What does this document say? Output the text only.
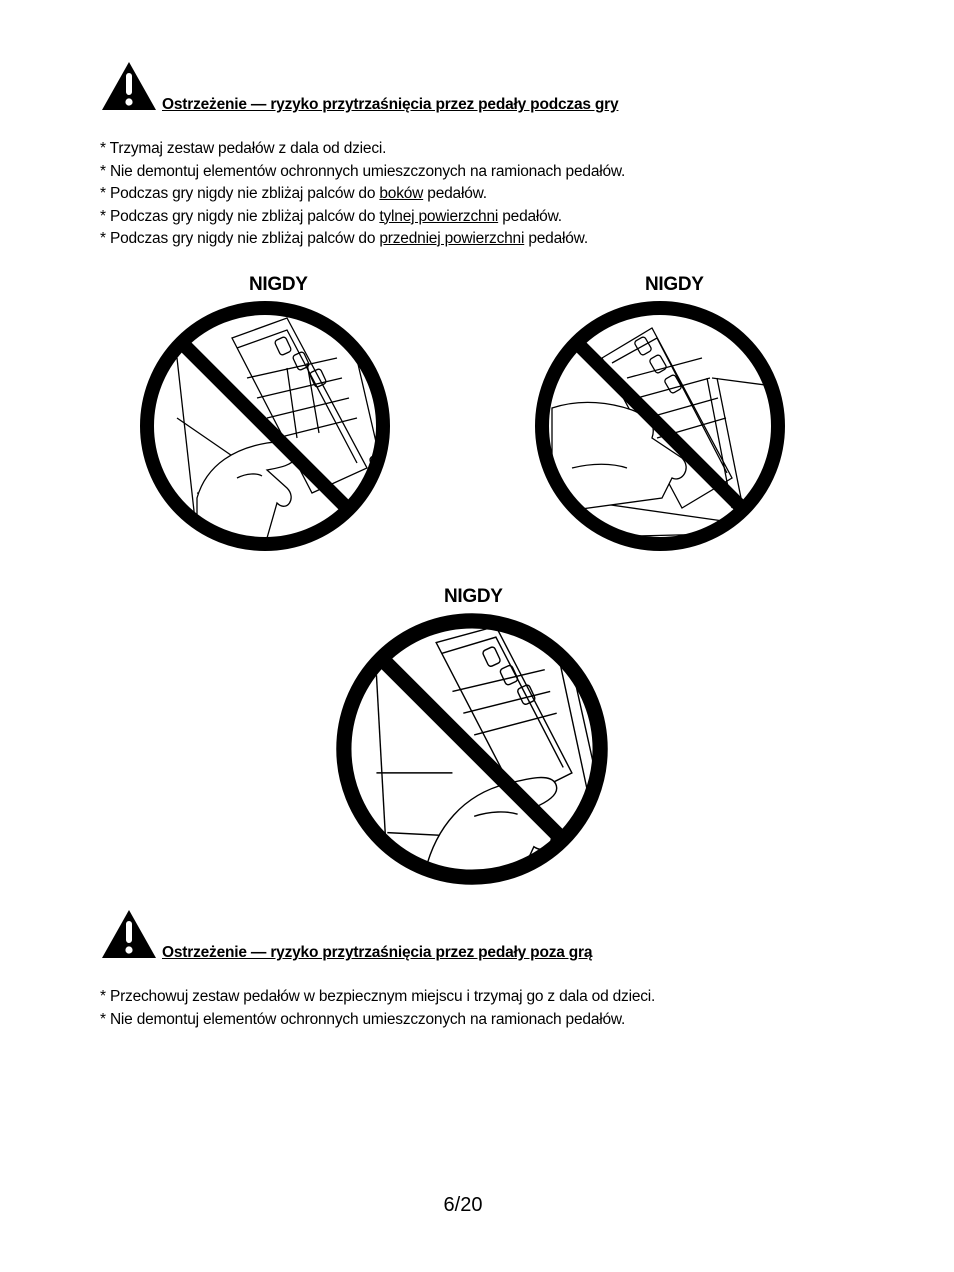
Ostrzeżenie — ryzyko przytrzaśnięcia przez pedały podczas gry
* Trzymaj zestaw pedałów z dala od dzieci.
* Nie demontuj elementów ochronnych umieszczonych na ramionach pedałów.
* Podczas gry nigdy nie zbliżaj palców do boków pedałów.
* Podczas gry nigdy nie zbliżaj palców do tylnej powierzchni pedałów.
* Podczas gry nigdy nie zbliżaj palców do przedniej powierzchni pedałów.
NIGDY	NIGDY
NIGDY
Ostrzeżenie — ryzyko przytrzaśnięcia przez pedały poza grą
* Przechowuj zestaw pedałów w bezpiecznym miejscu i trzymaj go z dala od dzieci.
* Nie demontuj elementów ochronnych umieszczonych na ramionach pedałów.
6/20
